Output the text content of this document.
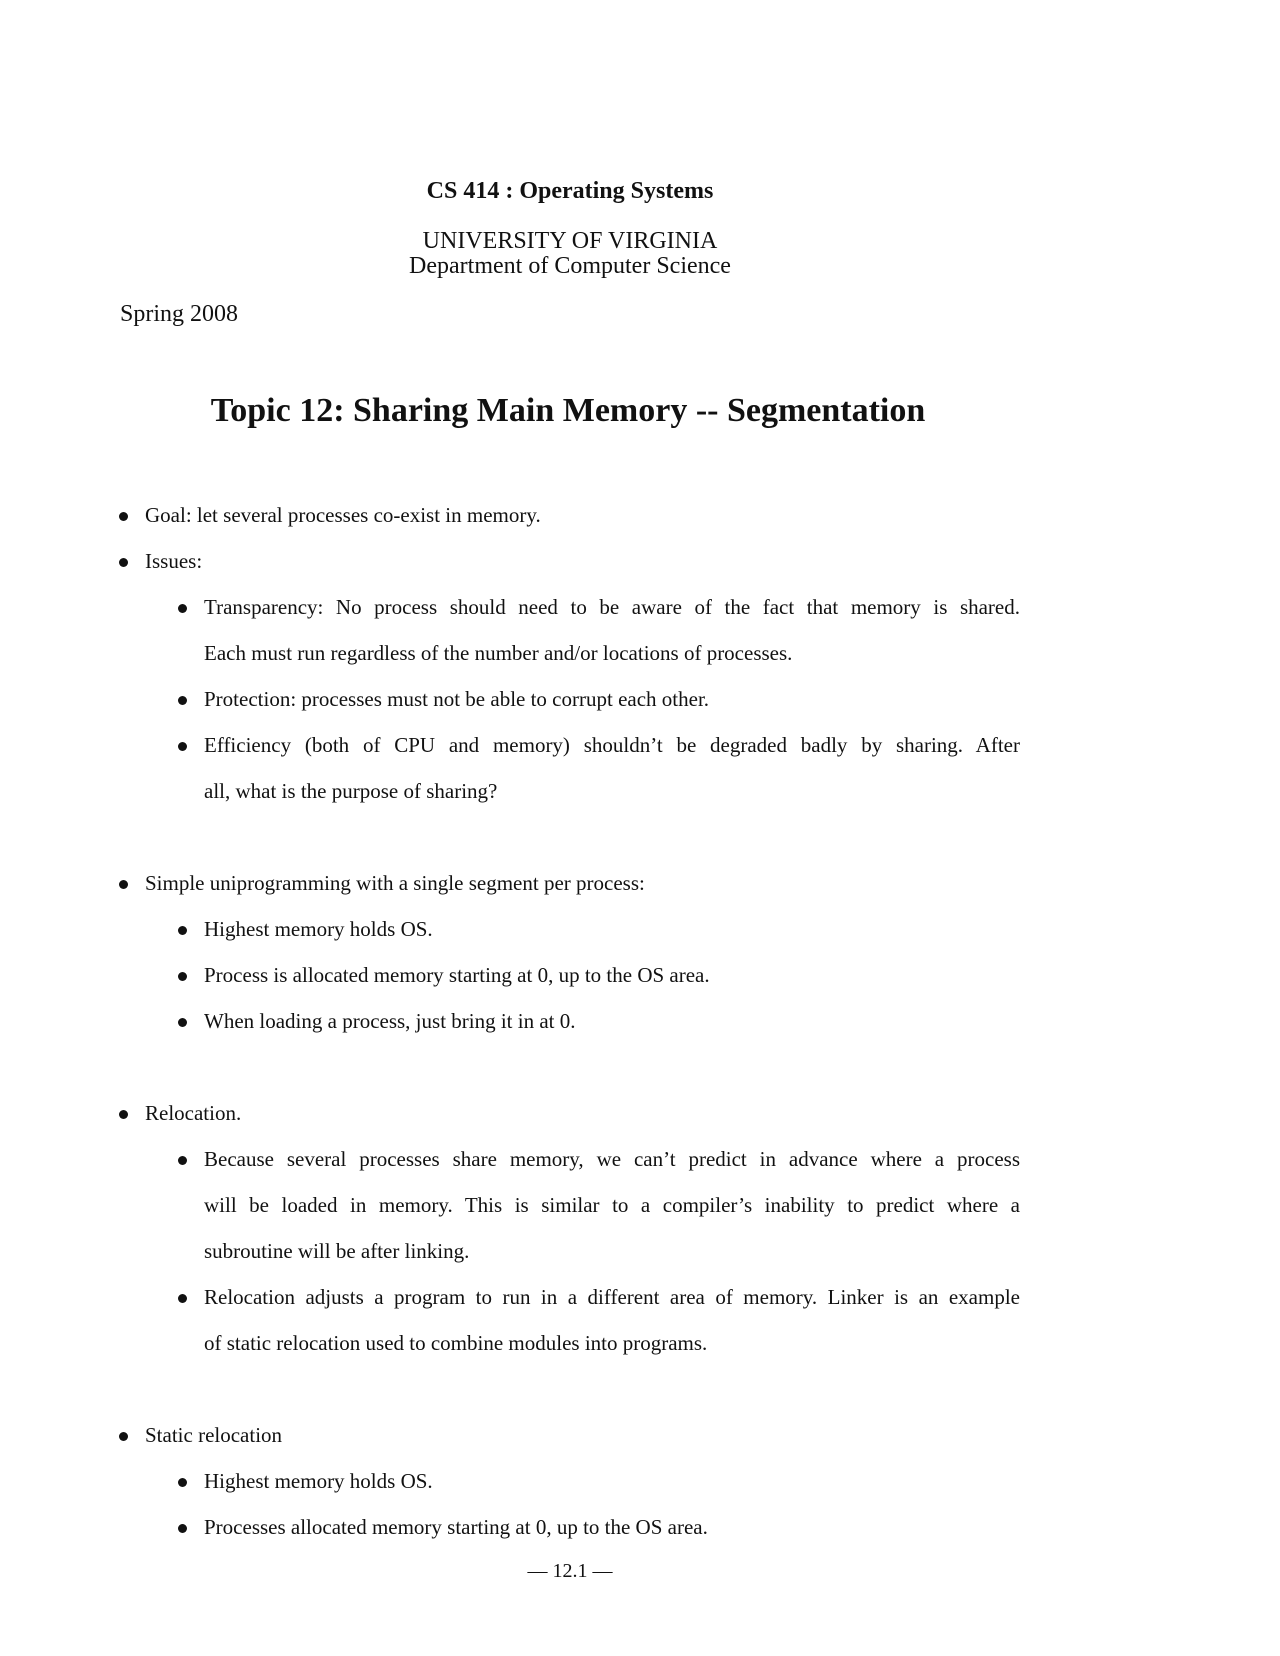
CS 414 : Operating Systems
UNIVERSITY OF VIRGINIA
Department of Computer Science
Spring 2008
Topic 12: Sharing Main Memory -- Segmentation
Goal: let several processes co-exist in memory.
Issues:
Transparency: No process should need to be aware of the fact that memory is shared.
Each must run regardless of the number and/or locations of processes.
Protection: processes must not be able to corrupt each other.
Efficiency (both of CPU and memory) shouldn’t be degraded badly by sharing. After
all, what is the purpose of sharing?
Simple uniprogramming with a single segment per process:
Highest memory holds OS.
Process is allocated memory starting at 0, up to the OS area.
When loading a process, just bring it in at 0.
Relocation.
Because several processes share memory, we can’t predict in advance where a process
will be loaded in memory. This is similar to a compiler’s inability to predict where a
subroutine will be after linking.
Relocation adjusts a program to run in a different area of memory. Linker is an example
of static relocation used to combine modules into programs.
Static relocation
Highest memory holds OS.
Processes allocated memory starting at 0, up to the OS area.
— 12.1 —
